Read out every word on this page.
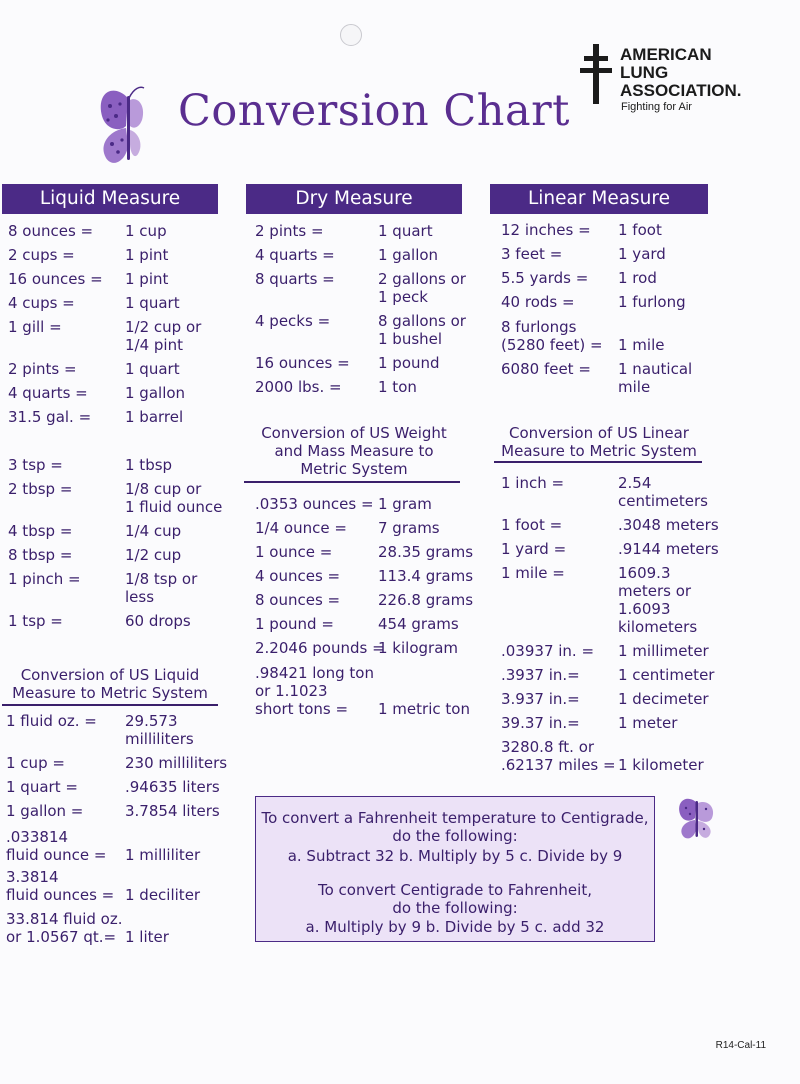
Conversion Chart
AMERICAN
LUNG
ASSOCIATION.
Fighting for Air
Liquid Measure	Dry Measure	Linear Measure
8 ounces = 1 cup
2 cups =	1 pint
16 ounces = 1 pint
4 cups =	1 quart
1 gill =	1/2 cup or
1/4 pint
2 pints =	1 quart
4 quarts = 1 gallon
31.5 gal. = 1 barrel
3 tsp =	1 tbsp
2 tbsp =	1/8 cup or
1 fluid ounce
4 tbsp =	1/4 cup
8 tbsp =	1/2 cup
1 pinch =	1/8 tsp or
less
1 tsp =	60 drops
Conversion of US Liquid
Measure to Metric System
1 fluid oz. = 29.573
milliliters
1 cup =	230 milliliters
1 quart =	.94635 liters
1 gallon =	3.7854 liters
.033814
fluid ounce = 1 milliliter
3.3814
fluid ounces = 1 deciliter
33.814 fluid oz.
or 1.0567 qt.= 1 liter
2 pints =	1 quart
4 quarts =	1 gallon
8 quarts =	2 gallons or
1 peck
4 pecks =	8 gallons or
1 bushel
16 ounces = 1 pound
2000 lbs. = 1 ton
Conversion of US Weight
and Mass Measure to
Metric System
.0353 ounces = 1 gram
1/4 ounce = 7 grams
1 ounce =	28.35 grams
4 ounces =	113.4 grams
8 ounces =	226.8 grams
1 pound =	454 grams
2.2046 pounds =
1 kilogram
.98421 long ton
or 1.1023
short tons = 1 metric ton
12 inches = 1 foot
3 feet =	1 yard
5.5 yards = 1 rod
40 rods =	1 furlong
8 furlongs
(5280 feet) = 1 mile
6080 feet = 1 nautical
mile
Conversion of US Linear
Measure to Metric System
1 inch =	2.54
centimeters
1 foot =	.3048 meters
1 yard =	.9144 meters
1 mile =	1609.3
meters or
1.6093
kilometers
.03937 in. = 1 millimeter
.3937 in.=	1 centimeter
3.937 in.=	1 decimeter
39.37 in.=	1 meter
3280.8 ft. or
.62137 miles = 1 kilometer
To convert a Fahrenheit temperature to Centigrade,
do the following:
a. Subtract 32 b. Multiply by 5 c. Divide by 9
To convert Centigrade to Fahrenheit,
do the following:
a. Multiply by 9 b. Divide by 5 c. add 32
R14-Cal-11
